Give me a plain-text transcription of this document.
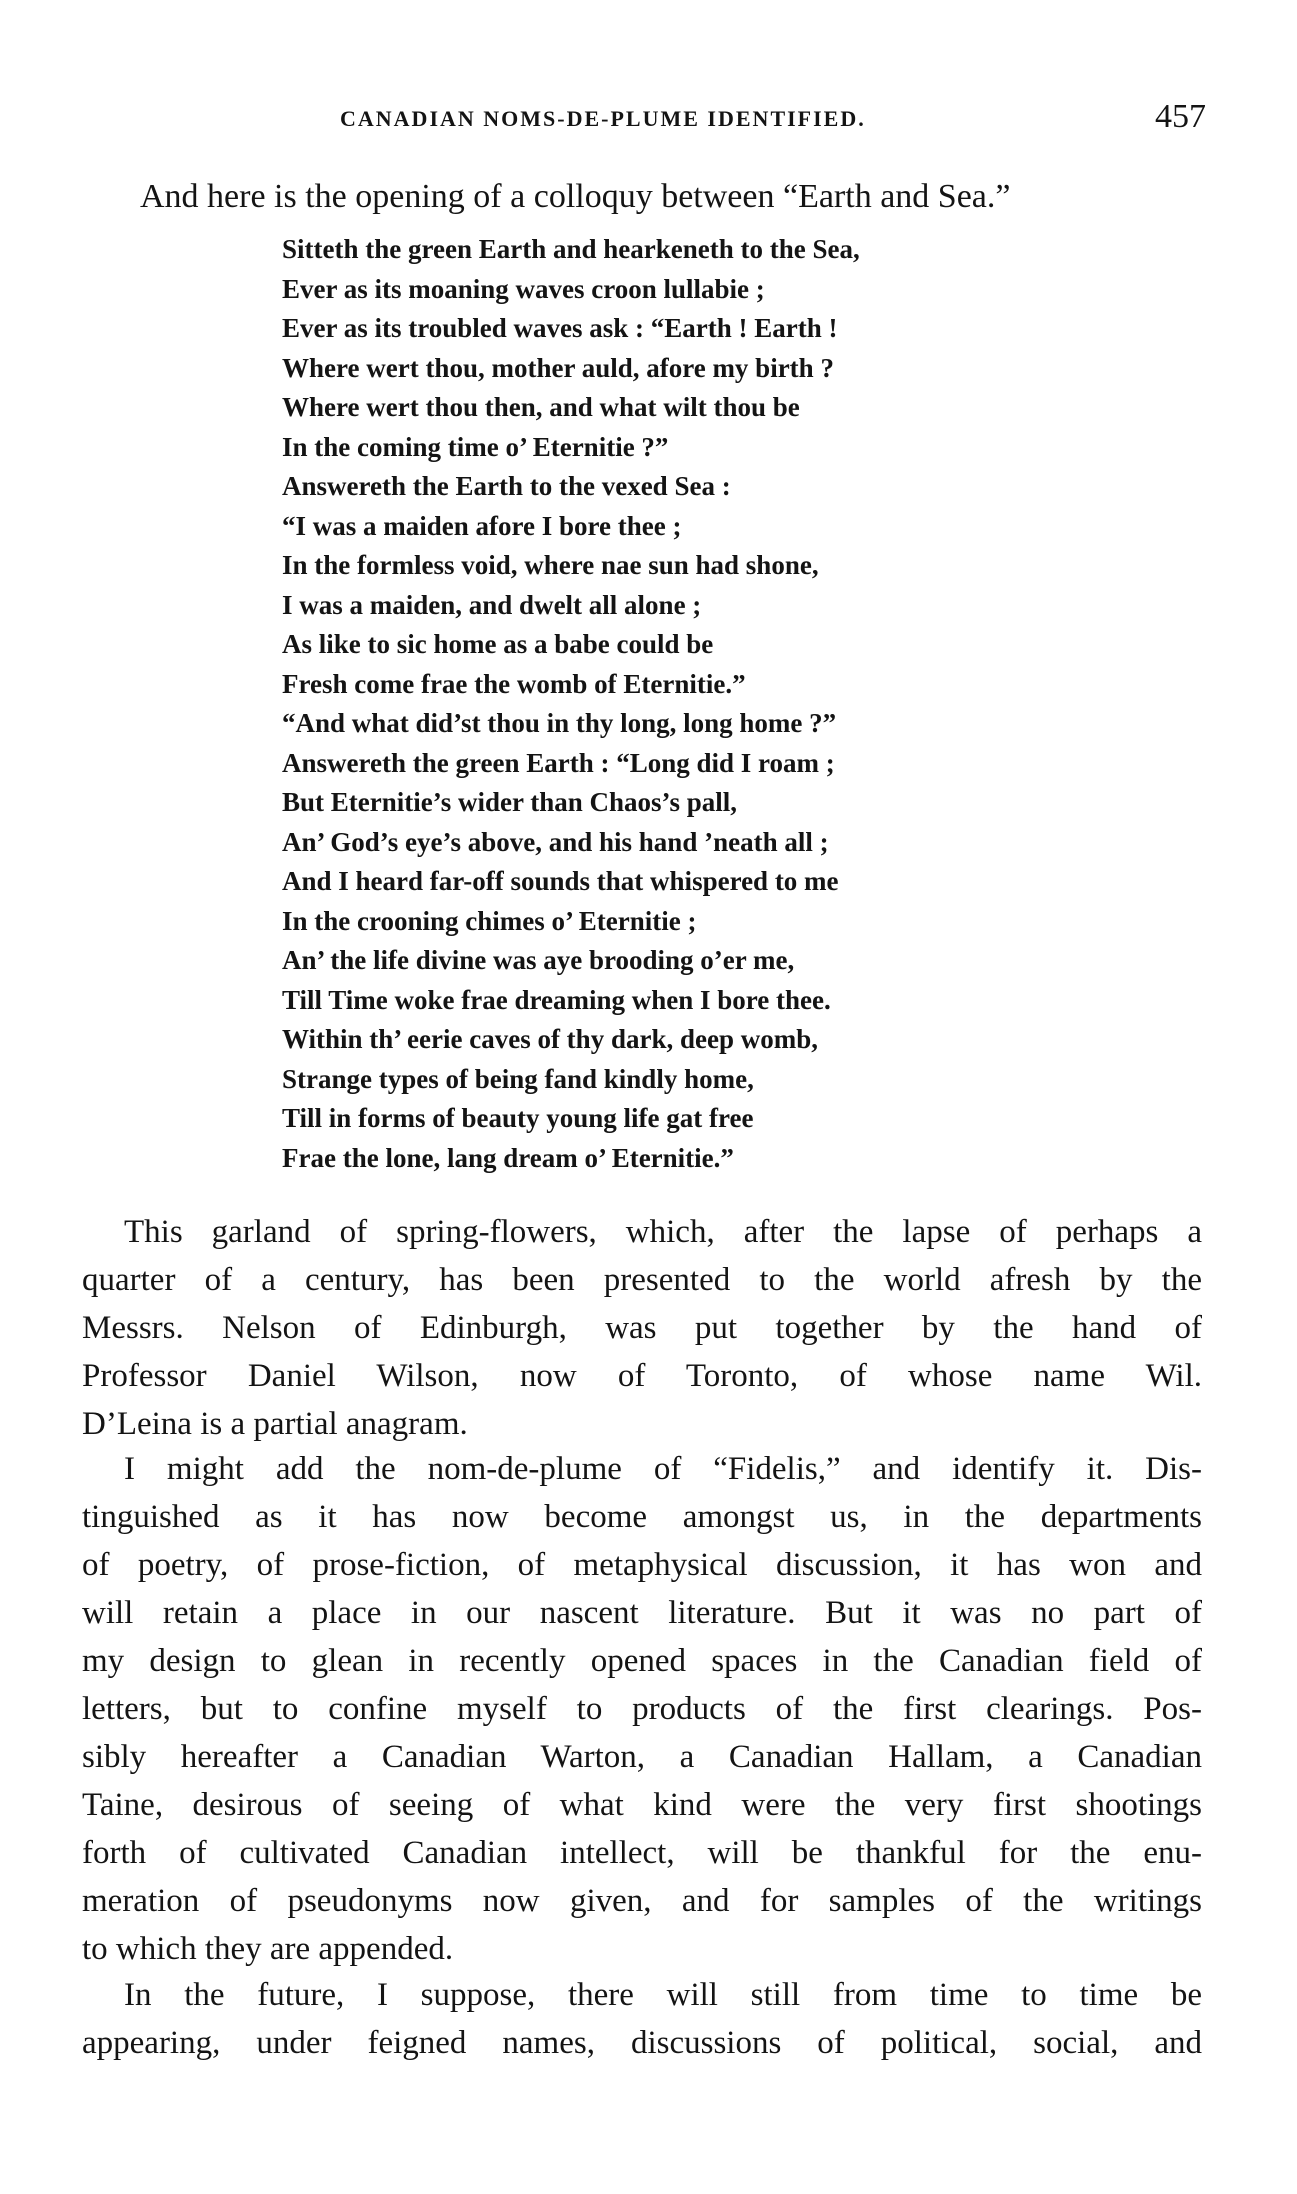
CANADIAN NOMS-DE-PLUME IDENTIFIED.	457
And here is the opening of a colloquy between “Earth and Sea.”
Sitteth the green Earth and hearkeneth to the Sea,
Ever as its moaning waves croon lullabie ;
Ever as its troubled waves ask : “Earth ! Earth !
Where wert thou, mother auld, afore my birth ?
Where wert thou then, and what wilt thou be
In the coming time o’ Eternitie ?”
Answereth the Earth to the vexed Sea :
“I was a maiden afore I bore thee ;
In the formless void, where nae sun had shone,
I was a maiden, and dwelt all alone ;
As like to sic home as a babe could be
Fresh come frae the womb of Eternitie.”
“And what did’st thou in thy long, long home ?”
Answereth the green Earth : “Long did I roam ;
But Eternitie’s wider than Chaos’s pall,
An’ God’s eye’s above, and his hand ’neath all ;
And I heard far-off sounds that whispered to me
In the crooning chimes o’ Eternitie ;
An’ the life divine was aye brooding o’er me,
Till Time woke frae dreaming when I bore thee.
Within th’ eerie caves of thy dark, deep womb,
Strange types of being fand kindly home,
Till in forms of beauty young life gat free
Frae the lone, lang dream o’ Eternitie.”
This garland of spring-flowers, which, after the lapse of perhaps a
quarter of a century, has been presented to the world afresh by the
Messrs. Nelson of Edinburgh, was put together by the hand of
Professor Daniel Wilson, now of Toronto, of whose name Wil.
D’Leina is a partial anagram.
I might add the nom-de-plume of “Fidelis,” and identify it. Dis-
tinguished as it has now become amongst us, in the departments
of poetry, of prose-fiction, of metaphysical discussion, it has won and
will retain a place in our nascent literature. But it was no part of
my design to glean in recently opened spaces in the Canadian field of
letters, but to confine myself to products of the first clearings. Pos-
sibly hereafter a Canadian Warton, a Canadian Hallam, a Canadian
Taine, desirous of seeing of what kind were the very first shootings
forth of cultivated Canadian intellect, will be thankful for the enu-
meration of pseudonyms now given, and for samples of the writings
to which they are appended.
In the future, I suppose, there will still from time to time be
appearing, under feigned names, discussions of political, social, and
